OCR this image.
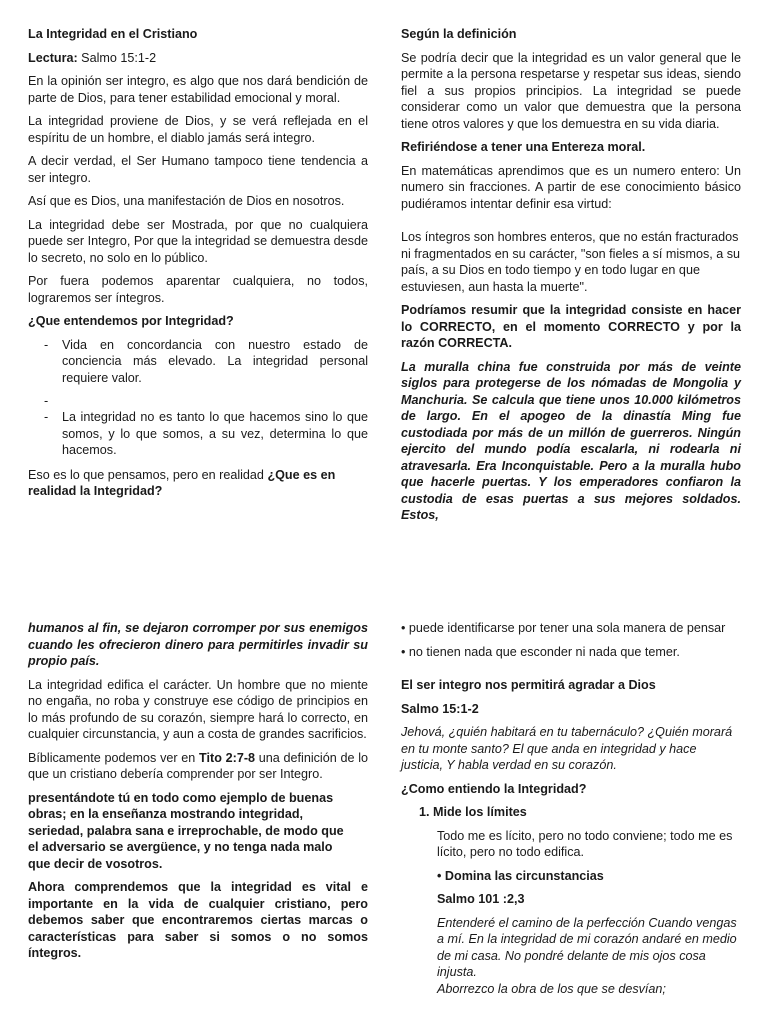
La Integridad en el Cristiano

Lectura: Salmo 15:1-2

En la opinión ser integro, es algo que nos dará bendición de parte de Dios, para tener estabilidad emocional y moral.

La integridad proviene de Dios, y se verá reflejada en el espíritu de un hombre, el diablo jamás será integro.

A decir verdad, el Ser Humano tampoco tiene tendencia a ser integro.

Así que es Dios, una manifestación de Dios en nosotros.

La integridad debe ser Mostrada, por que no cualquiera puede ser Integro, Por que la integridad se demuestra desde lo secreto, no solo en lo público.

Por fuera podemos aparentar cualquiera, no todos, lograremos ser íntegros.

¿Que entendemos por Integridad?

- Vida en concordancia con nuestro estado de conciencia más elevado. La integridad personal requiere valor.
-
- La integridad no es tanto lo que hacemos sino lo que somos, y lo que somos, a su vez, determina lo que hacemos.

Eso es lo que pensamos, pero en realidad ¿Que es en realidad la Integridad?

Según la definición

Se podría decir que la integridad es un valor general que le permite a la persona respetarse y respetar sus ideas, siendo fiel a sus propios principios. La integridad se puede considerar como un valor que demuestra que la persona tiene otros valores y que los demuestra en su vida diaria.

Refiriéndose a tener una Entereza moral.

En matemáticas aprendimos que es un numero entero: Un numero sin fracciones. A partir de ese conocimiento básico pudiéramos intentar definir esa virtud:

Los íntegros son hombres enteros, que no están fracturados ni fragmentados en su carácter, "son fieles a sí mismos, a su país, a su Dios en todo tiempo y en todo lugar en que estuviesen, aun hasta la muerte".

Podríamos resumir que la integridad consiste en hacer lo CORRECTO, en el momento CORRECTO y por la razón CORRECTA.

La muralla china fue construida por más de veinte siglos para protegerse de los nómadas de Mongolia y Manchuria. Se calcula que tiene unos 10.000 kilómetros de largo. En el apogeo de la dinastía Ming fue custodiada por más de un millón de guerreros. Ningún ejercito del mundo podía escalarla, ni rodearla ni atravesarla. Era Inconquistable. Pero a la muralla hubo que hacerle puertas. Y los emperadores confiaron la custodia de esas puertas a sus mejores soldados. Estos,

humanos al fin, se dejaron corromper por sus enemigos cuando les ofrecieron dinero para permitirles invadir su propio país.

La integridad edifica el carácter. Un hombre que no miente no engaña, no roba y construye ese código de principios en lo más profundo de su corazón, siempre hará lo correcto, en cualquier circunstancia, y aun a costa de grandes sacrificios.

Bíblicamente podemos ver en Tito 2:7-8 una definición de lo que un cristiano debería comprender por ser Integro.

presentándote tú en todo como ejemplo de buenas obras; en la enseñanza mostrando integridad, seriedad, palabra sana e irreprochable, de modo que el adversario se avergüence, y no tenga nada malo que decir de vosotros.

Ahora comprendemos que la integridad es vital e importante en la vida de cualquier cristiano, pero debemos saber que encontraremos ciertas marcas o características para saber si somos o no somos íntegros.

• puede identificarse por tener una sola manera de pensar

• no tienen nada que esconder ni nada que temer.

El ser integro nos permitirá agradar a Dios

Salmo 15:1-2

Jehová, ¿quién habitará en tu tabernáculo? ¿Quién morará en tu monte santo? El que anda en integridad y hace justicia, Y habla verdad en su corazón.

¿Como entiendo la Integridad?

1. Mide los límites

Todo me es lícito, pero no todo conviene; todo me es lícito, pero no todo edifica.

• Domina las circunstancias

Salmo 101 :2,3

Entenderé el camino de la perfección Cuando vengas a mí. En la integridad de mi corazón andaré en medio de mi casa. No pondré delante de mis ojos cosa injusta.

Aborrezco la obra de los que se desvían;
